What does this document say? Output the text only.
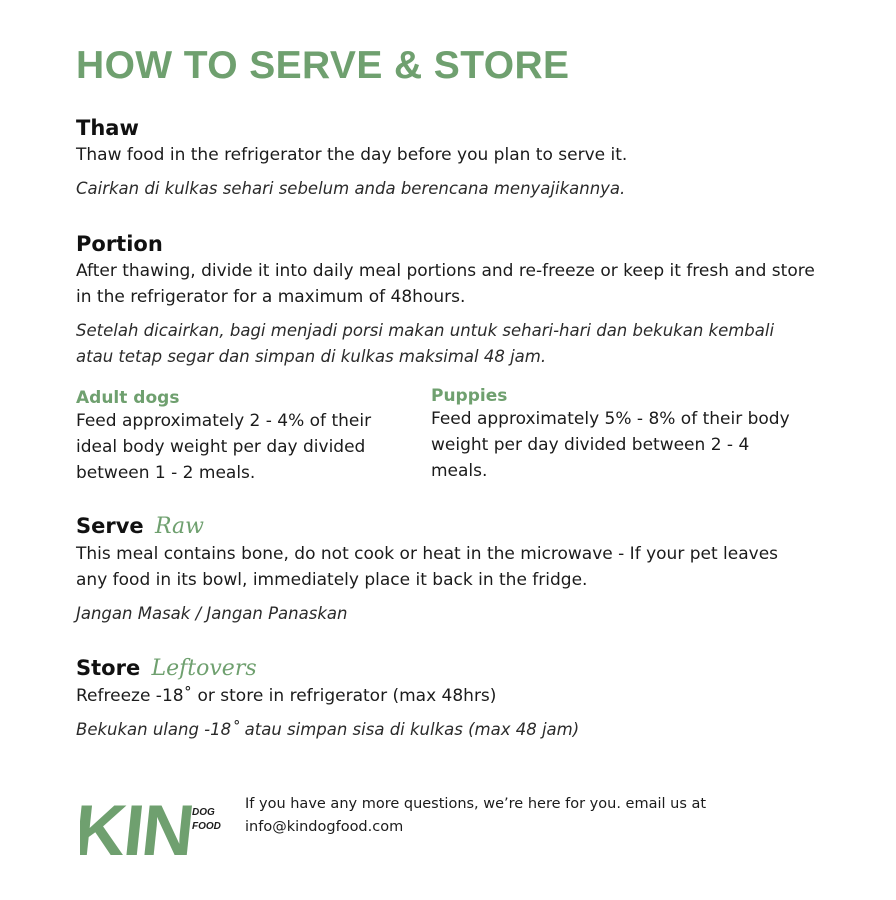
HOW TO SERVE & STORE
Thaw
Thaw food in the refrigerator the day before you plan to serve it.
Cairkan di kulkas sehari sebelum anda berencana menyajikannya.
Portion
After thawing, divide it into daily meal portions and re-freeze or keep it fresh and store in the refrigerator for a maximum of 48hours.
Setelah dicairkan, bagi menjadi porsi makan untuk sehari-hari dan bekukan kembali atau tetap segar dan simpan di kulkas maksimal 48 jam.
Adult dogs
Feed approximately 2 - 4% of their ideal body weight per day divided between 1 - 2 meals.
Puppies
Feed approximately 5% - 8% of their body weight per day divided between 2 - 4 meals.
Serve Raw
This meal contains bone, do not cook or heat in the microwave - If your pet leaves any food in its bowl, immediately place it back in the fridge.
Jangan Masak / Jangan Panaskan
Store Leftovers
Refreeze -18˚ or store in refrigerator (max 48hrs)
Bekukan ulang -18˚ atau simpan sisa di kulkas (max 48 jam)
KIN
DOG
FOOD
If you have any more questions, we’re here for you. email us at
info@kindogfood.com
